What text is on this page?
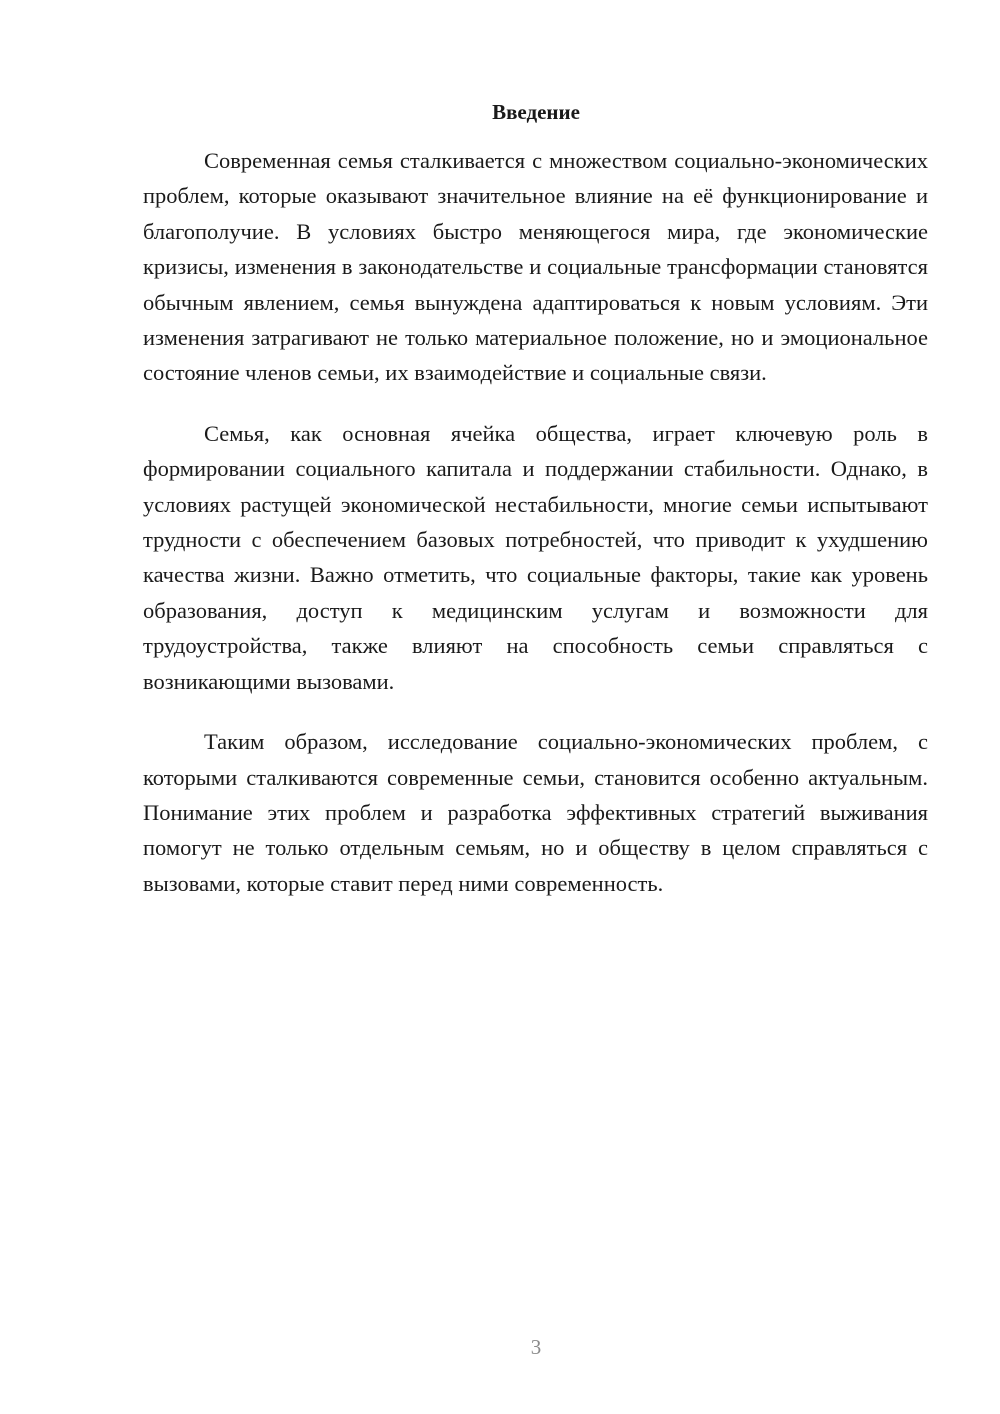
Введение

Современная семья сталкивается с множеством социально-экономических проблем, которые оказывают значительное влияние на её функционирование и благополучие. В условиях быстро меняющегося мира, где экономические кризисы, изменения в законодательстве и социальные трансформации становятся обычным явлением, семья вынуждена адаптироваться к новым условиям. Эти изменения затрагивают не только материальное положение, но и эмоциональное состояние членов семьи, их взаимодействие и социальные связи.

Семья, как основная ячейка общества, играет ключевую роль в формировании социального капитала и поддержании стабильности. Однако, в условиях растущей экономической нестабильности, многие семьи испытывают трудности с обеспечением базовых потребностей, что приводит к ухудшению качества жизни. Важно отметить, что социальные факторы, такие как уровень образования, доступ к медицинским услугам и возможности для трудоустройства, также влияют на способность семьи справляться с возникающими вызовами.

Таким образом, исследование социально-экономических проблем, с которыми сталкиваются современные семьи, становится особенно актуальным. Понимание этих проблем и разработка эффективных стратегий выживания помогут не только отдельным семьям, но и обществу в целом справляться с вызовами, которые ставит перед ними современность.

3
